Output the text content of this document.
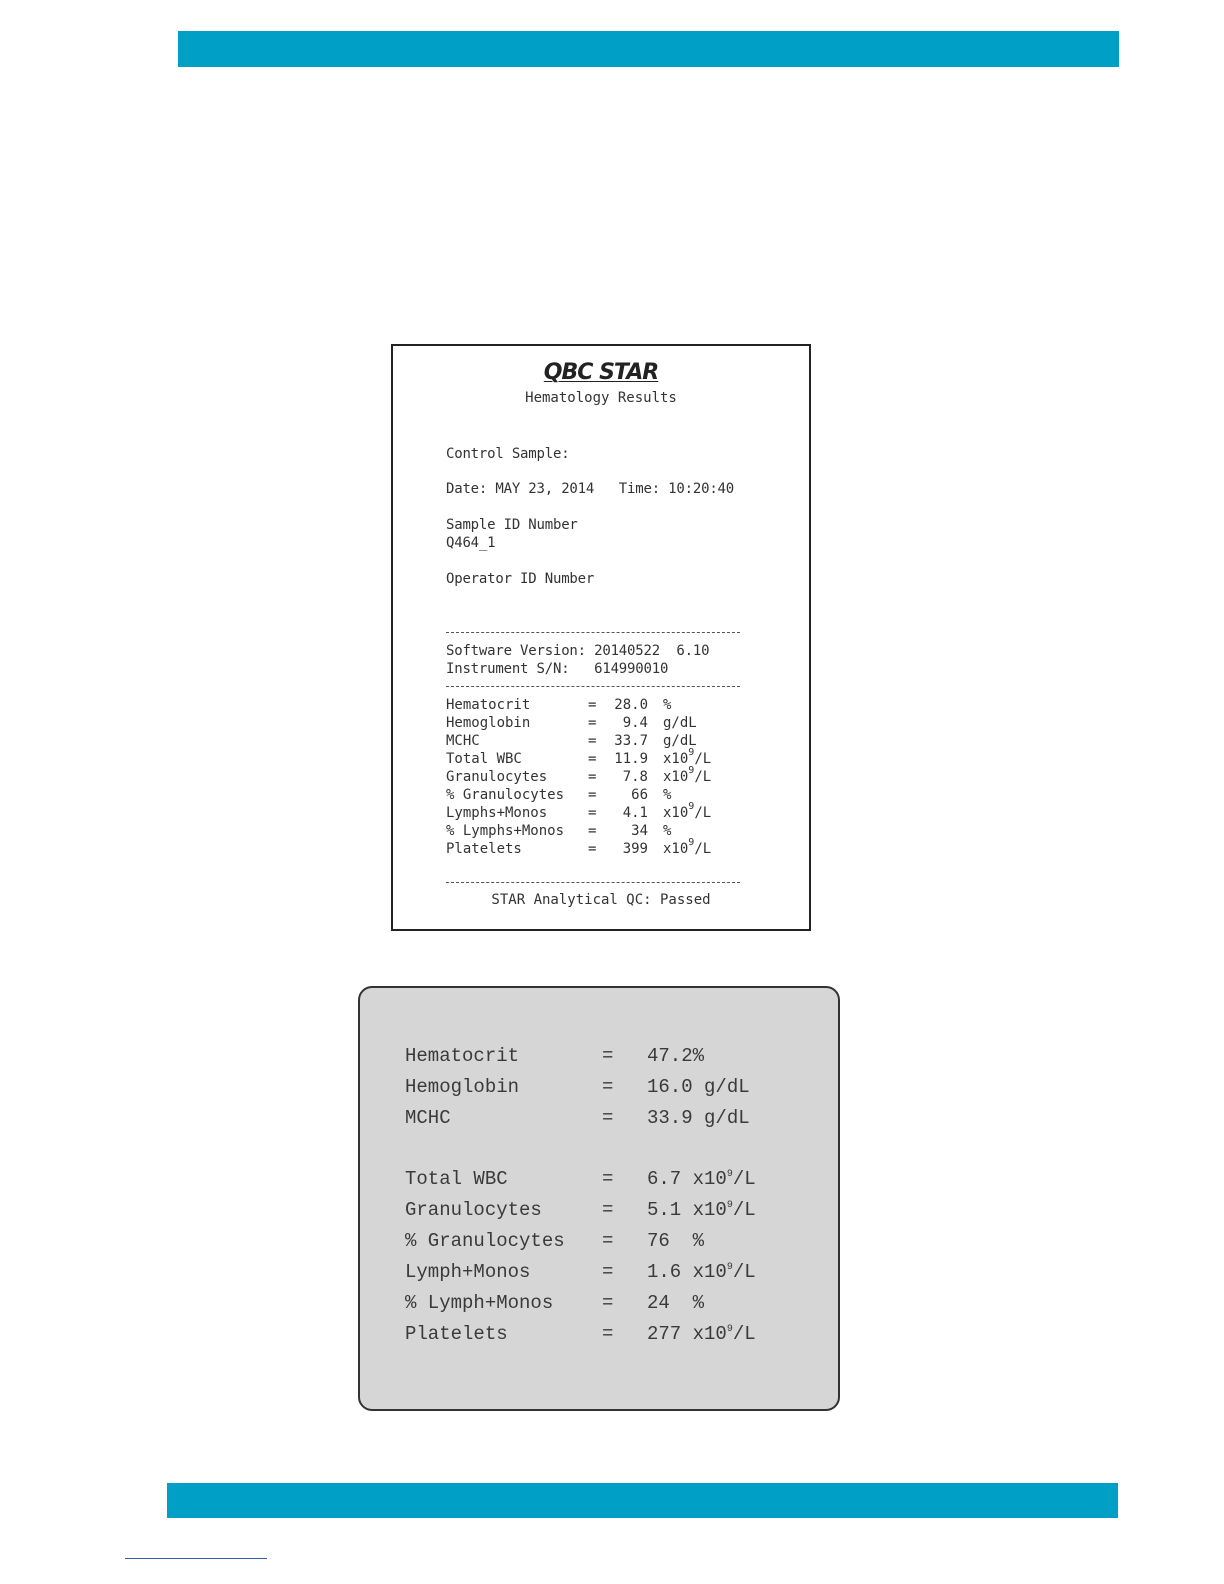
QBC STAR
Hematology Results
Control Sample:
Date: MAY 23, 2014   Time: 10:20:40
Sample ID Number
Q464_1
Operator ID Number
Software Version: 20140522  6.10
Instrument S/N:   614990010
Hematocrit	= 28.0 %
Hemoglobin	=	9.4 g/dL
MCHC	= 33.7 g/dL
Total WBC	= 11.9 $x10^9/L$
Granulocytes	=	7.8 $x10^9/L$
% Granulocytes =	66 %
Lymphs+Monos	=	4.1 $x10^9/L$
% Lymphs+Monos =	34 %
Platelets	=	399 $x10^9/L$
STAR Analytical QC: Passed
Hematocrit	= 47.2%
Hemoglobin	= 16.0 g/dL
MCHC	= 33.9 g/dL
Total WBC	= 6.7 $x10^9/L$
Granulocytes	= 5.1 $x10^9/L$
% Granulocytes = 76  %
Lymph+Monos	= 1.6 $x10^9/L$
% Lymph+Monos	= 24  %
Platelets	= 277 $x10^9/L$
